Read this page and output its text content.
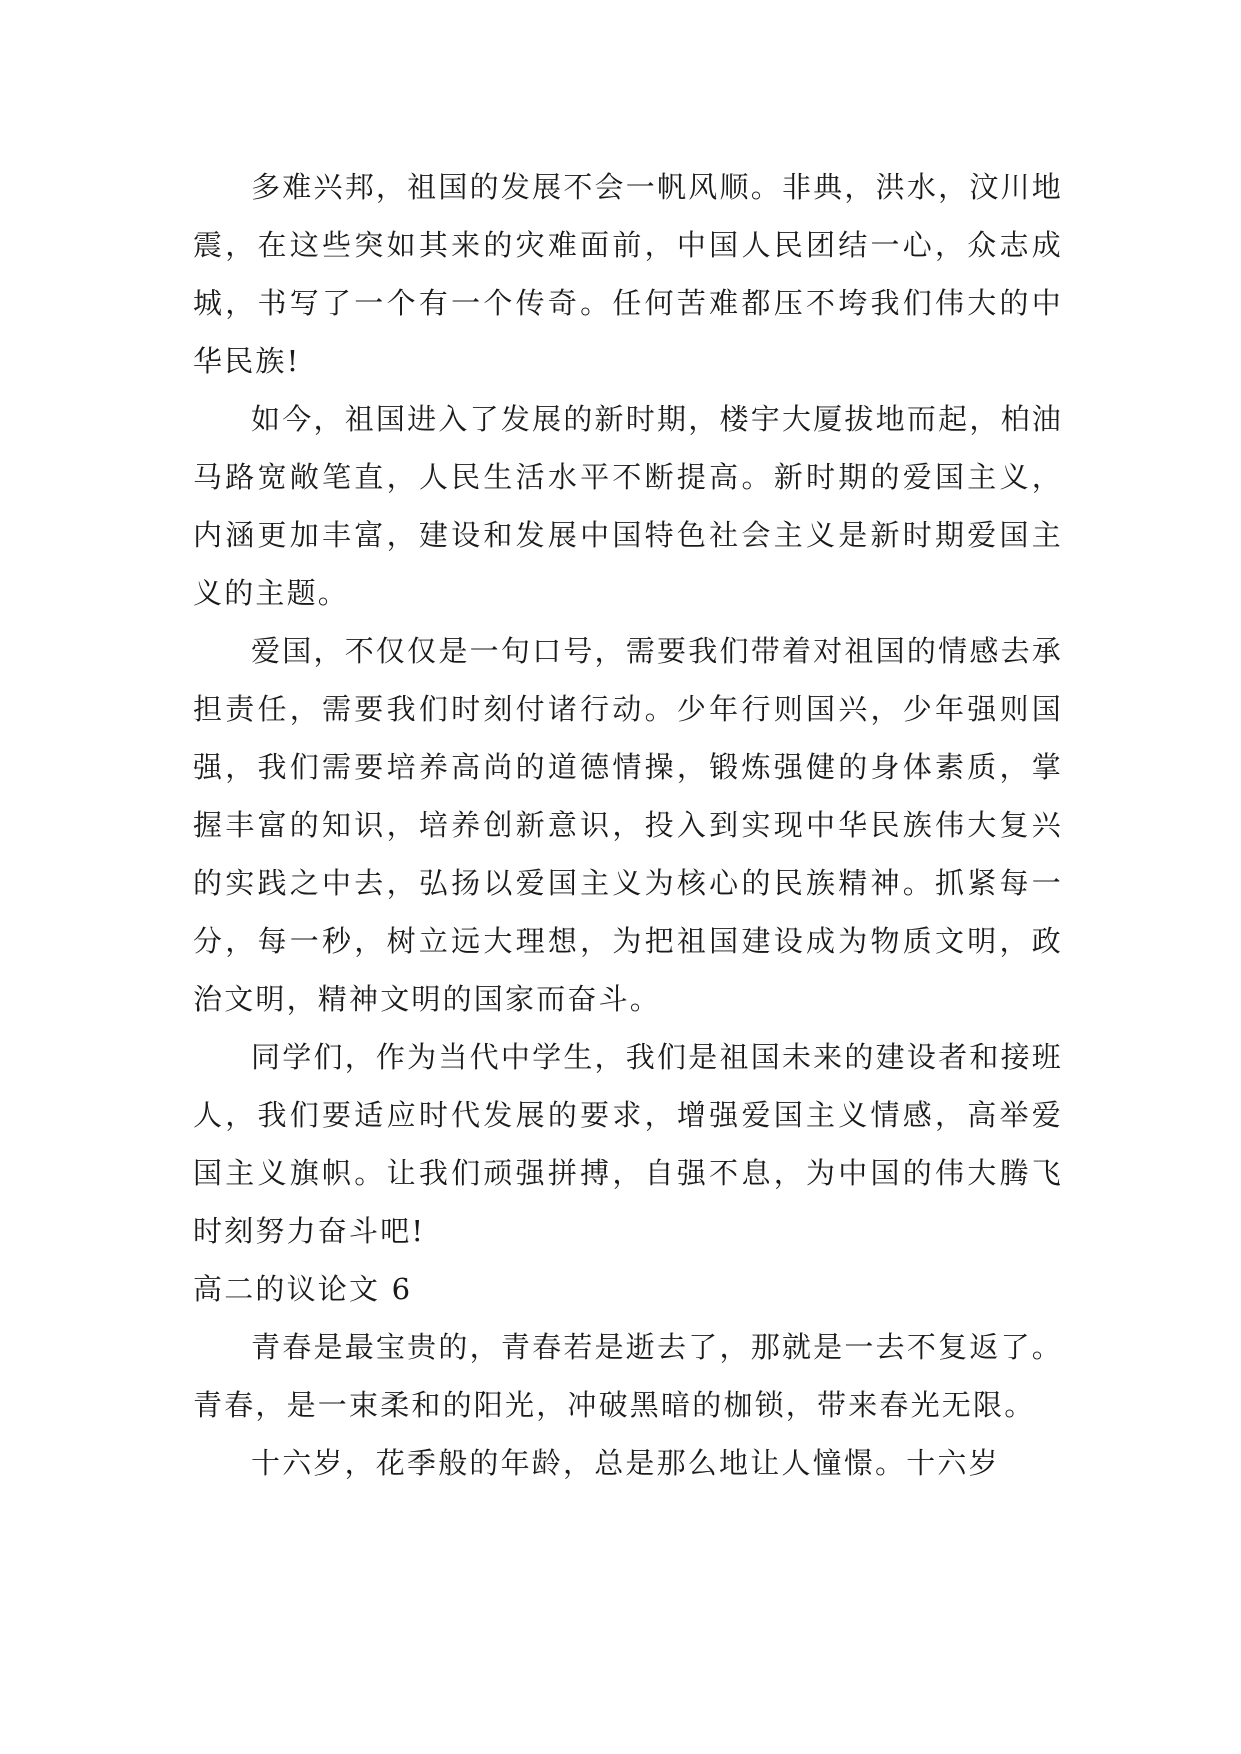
多难兴邦，祖国的发展不会一帆风顺。非典，洪水，汶川地震，在这些突如其来的灾难面前，中国人民团结一心，众志成城，书写了一个有一个传奇。任何苦难都压不垮我们伟大的中华民族!

如今，祖国进入了发展的新时期，楼宇大厦拔地而起，柏油马路宽敞笔直，人民生活水平不断提高。新时期的爱国主义，内涵更加丰富，建设和发展中国特色社会主义是新时期爱国主义的主题。

爱国，不仅仅是一句口号，需要我们带着对祖国的情感去承担责任，需要我们时刻付诸行动。少年行则国兴，少年强则国强，我们需要培养高尚的道德情操，锻炼强健的身体素质，掌握丰富的知识，培养创新意识，投入到实现中华民族伟大复兴的实践之中去，弘扬以爱国主义为核心的民族精神。抓紧每一分，每一秒，树立远大理想，为把祖国建设成为物质文明，政治文明，精神文明的国家而奋斗。

同学们，作为当代中学生，我们是祖国未来的建设者和接班人，我们要适应时代发展的要求，增强爱国主义情感，高举爱国主义旗帜。让我们顽强拼搏，自强不息，为中国的伟大腾飞时刻努力奋斗吧!

高二的议论文 6

青春是最宝贵的，青春若是逝去了，那就是一去不复返了。青春，是一束柔和的阳光，冲破黑暗的枷锁，带来春光无限。

十六岁，花季般的年龄，总是那么地让人憧憬。十六岁
